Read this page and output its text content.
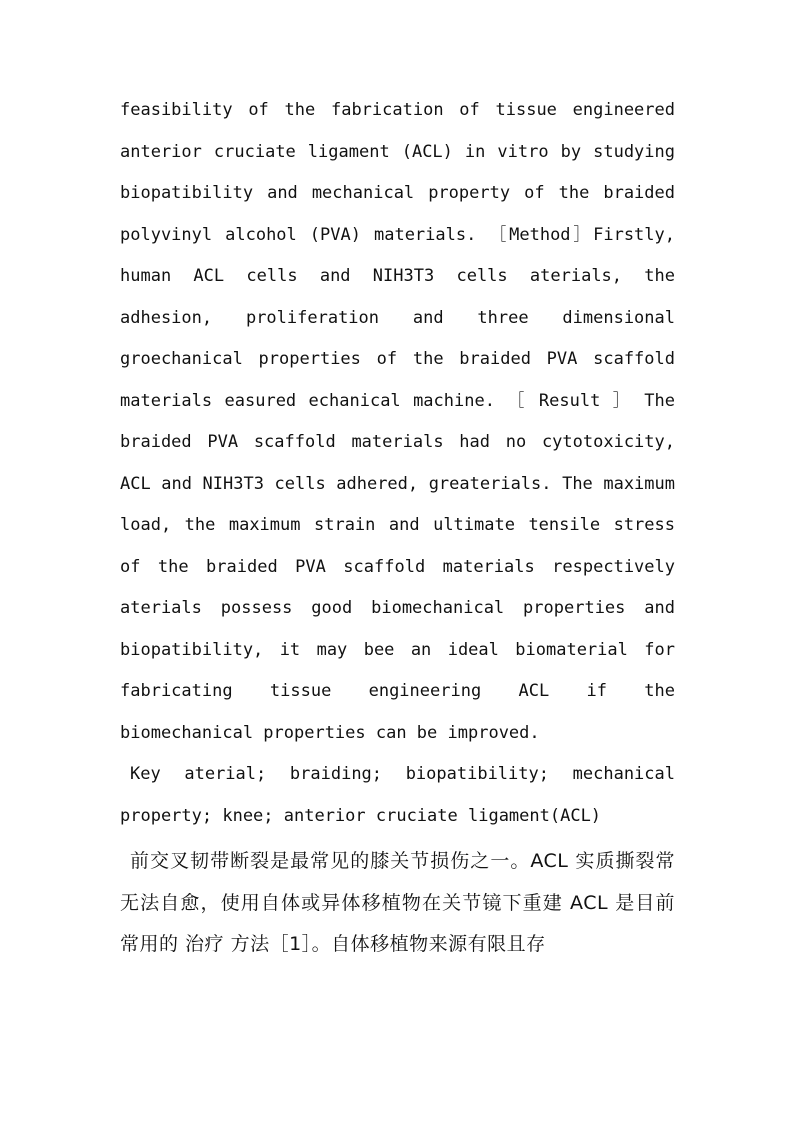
feasibility of the fabrication of tissue engineered anterior cruciate ligament (ACL) in vitro by studying biopatibility and mechanical property of the braided polyvinyl alcohol (PVA) materials. ［Method］Firstly, human ACL cells and NIH3T3 cells aterials, the adhesion, proliferation and three dimensional groechanical properties of the braided PVA scaffold materials easured echanical machine. ［ Result ］ The braided PVA scaffold materials had no cytotoxicity, ACL and NIH3T3 cells adhered, greaterials. The maximum load, the maximum strain and ultimate tensile stress of the braided PVA scaffold materials respectively aterials possess good biomechanical properties and biopatibility, it may bee an ideal biomaterial for fabricating tissue engineering ACL if the biomechanical properties can be improved.

Key aterial; braiding; biopatibility; mechanical property; knee; anterior cruciate ligament(ACL)

前交叉韧带断裂是最常见的膝关节损伤之一。ACL 实质撕裂常无法自愈，使用自体或异体移植物在关节镜下重建 ACL 是目前常用的 治疗 方法［1］。自体移植物来源有限且存
